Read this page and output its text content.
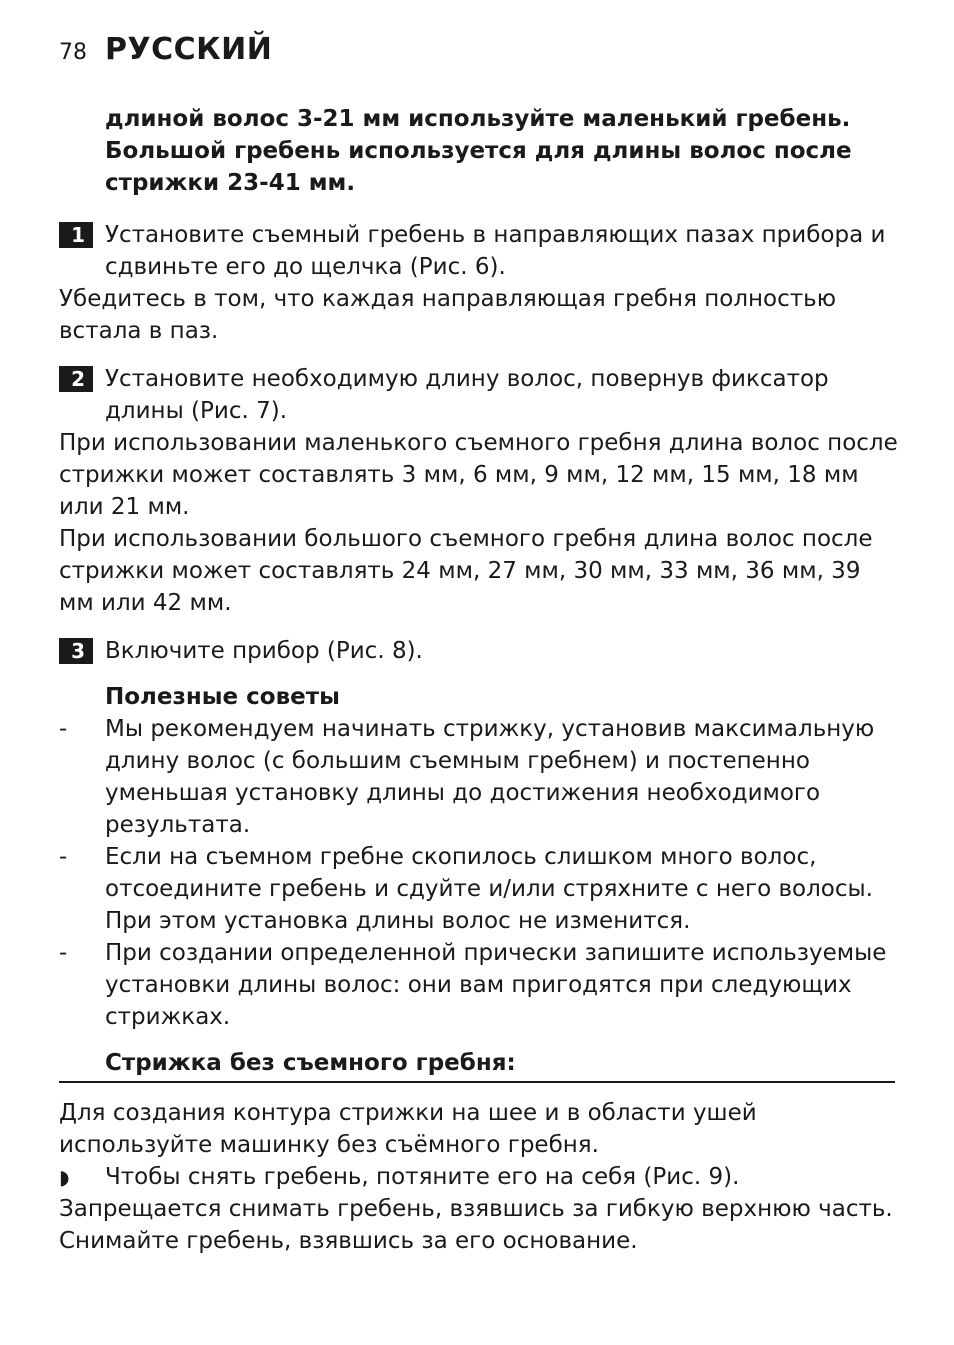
78 РУССКИЙ

длиной волос 3-21 мм используйте маленький гребень.

Большой гребень используется для длины волос после стрижки 23-41 мм.

1 Установите съемный гребень в направляющих пазах прибора и сдвиньте его до щелчка (Рис. 6).

Убедитесь в том, что каждая направляющая гребня полностью встала в паз.

2 Установите необходимую длину волос, повернув фиксатор длины (Рис. 7).

При использовании маленького съемного гребня длина волос после стрижки может составлять 3 мм, 6 мм, 9 мм, 12 мм, 15 мм, 18 мм или 21 мм.

При использовании большого съемного гребня длина волос после стрижки может составлять 24 мм, 27 мм, 30 мм, 33 мм, 36 мм, 39 мм или 42 мм.

3 Включите прибор (Рис. 8).
Полезные советы
-	Мы рекомендуем начинать стрижку, установив максимальную длину волос (с большим съемным гребнем) и постепенно уменьшая установку длины до достижения необходимого результата.
-	Если на съемном гребне скопилось слишком много волос, отсоедините гребень и сдуйте и/или стряхните с него волосы. При этом установка длины волос не изменится.
-	При создании определенной прически запишите используемые установки длины волос: они вам пригодятся при следующих стрижках.
Стрижка без съемного гребня:

Для создания контура стрижки на шее и в области ушей используйте машинку без съёмного гребня.

◗	Чтобы снять гребень, потяните его на себя (Рис. 9).

Запрещается снимать гребень, взявшись за гибкую верхнюю часть.

Снимайте гребень, взявшись за его основание.
